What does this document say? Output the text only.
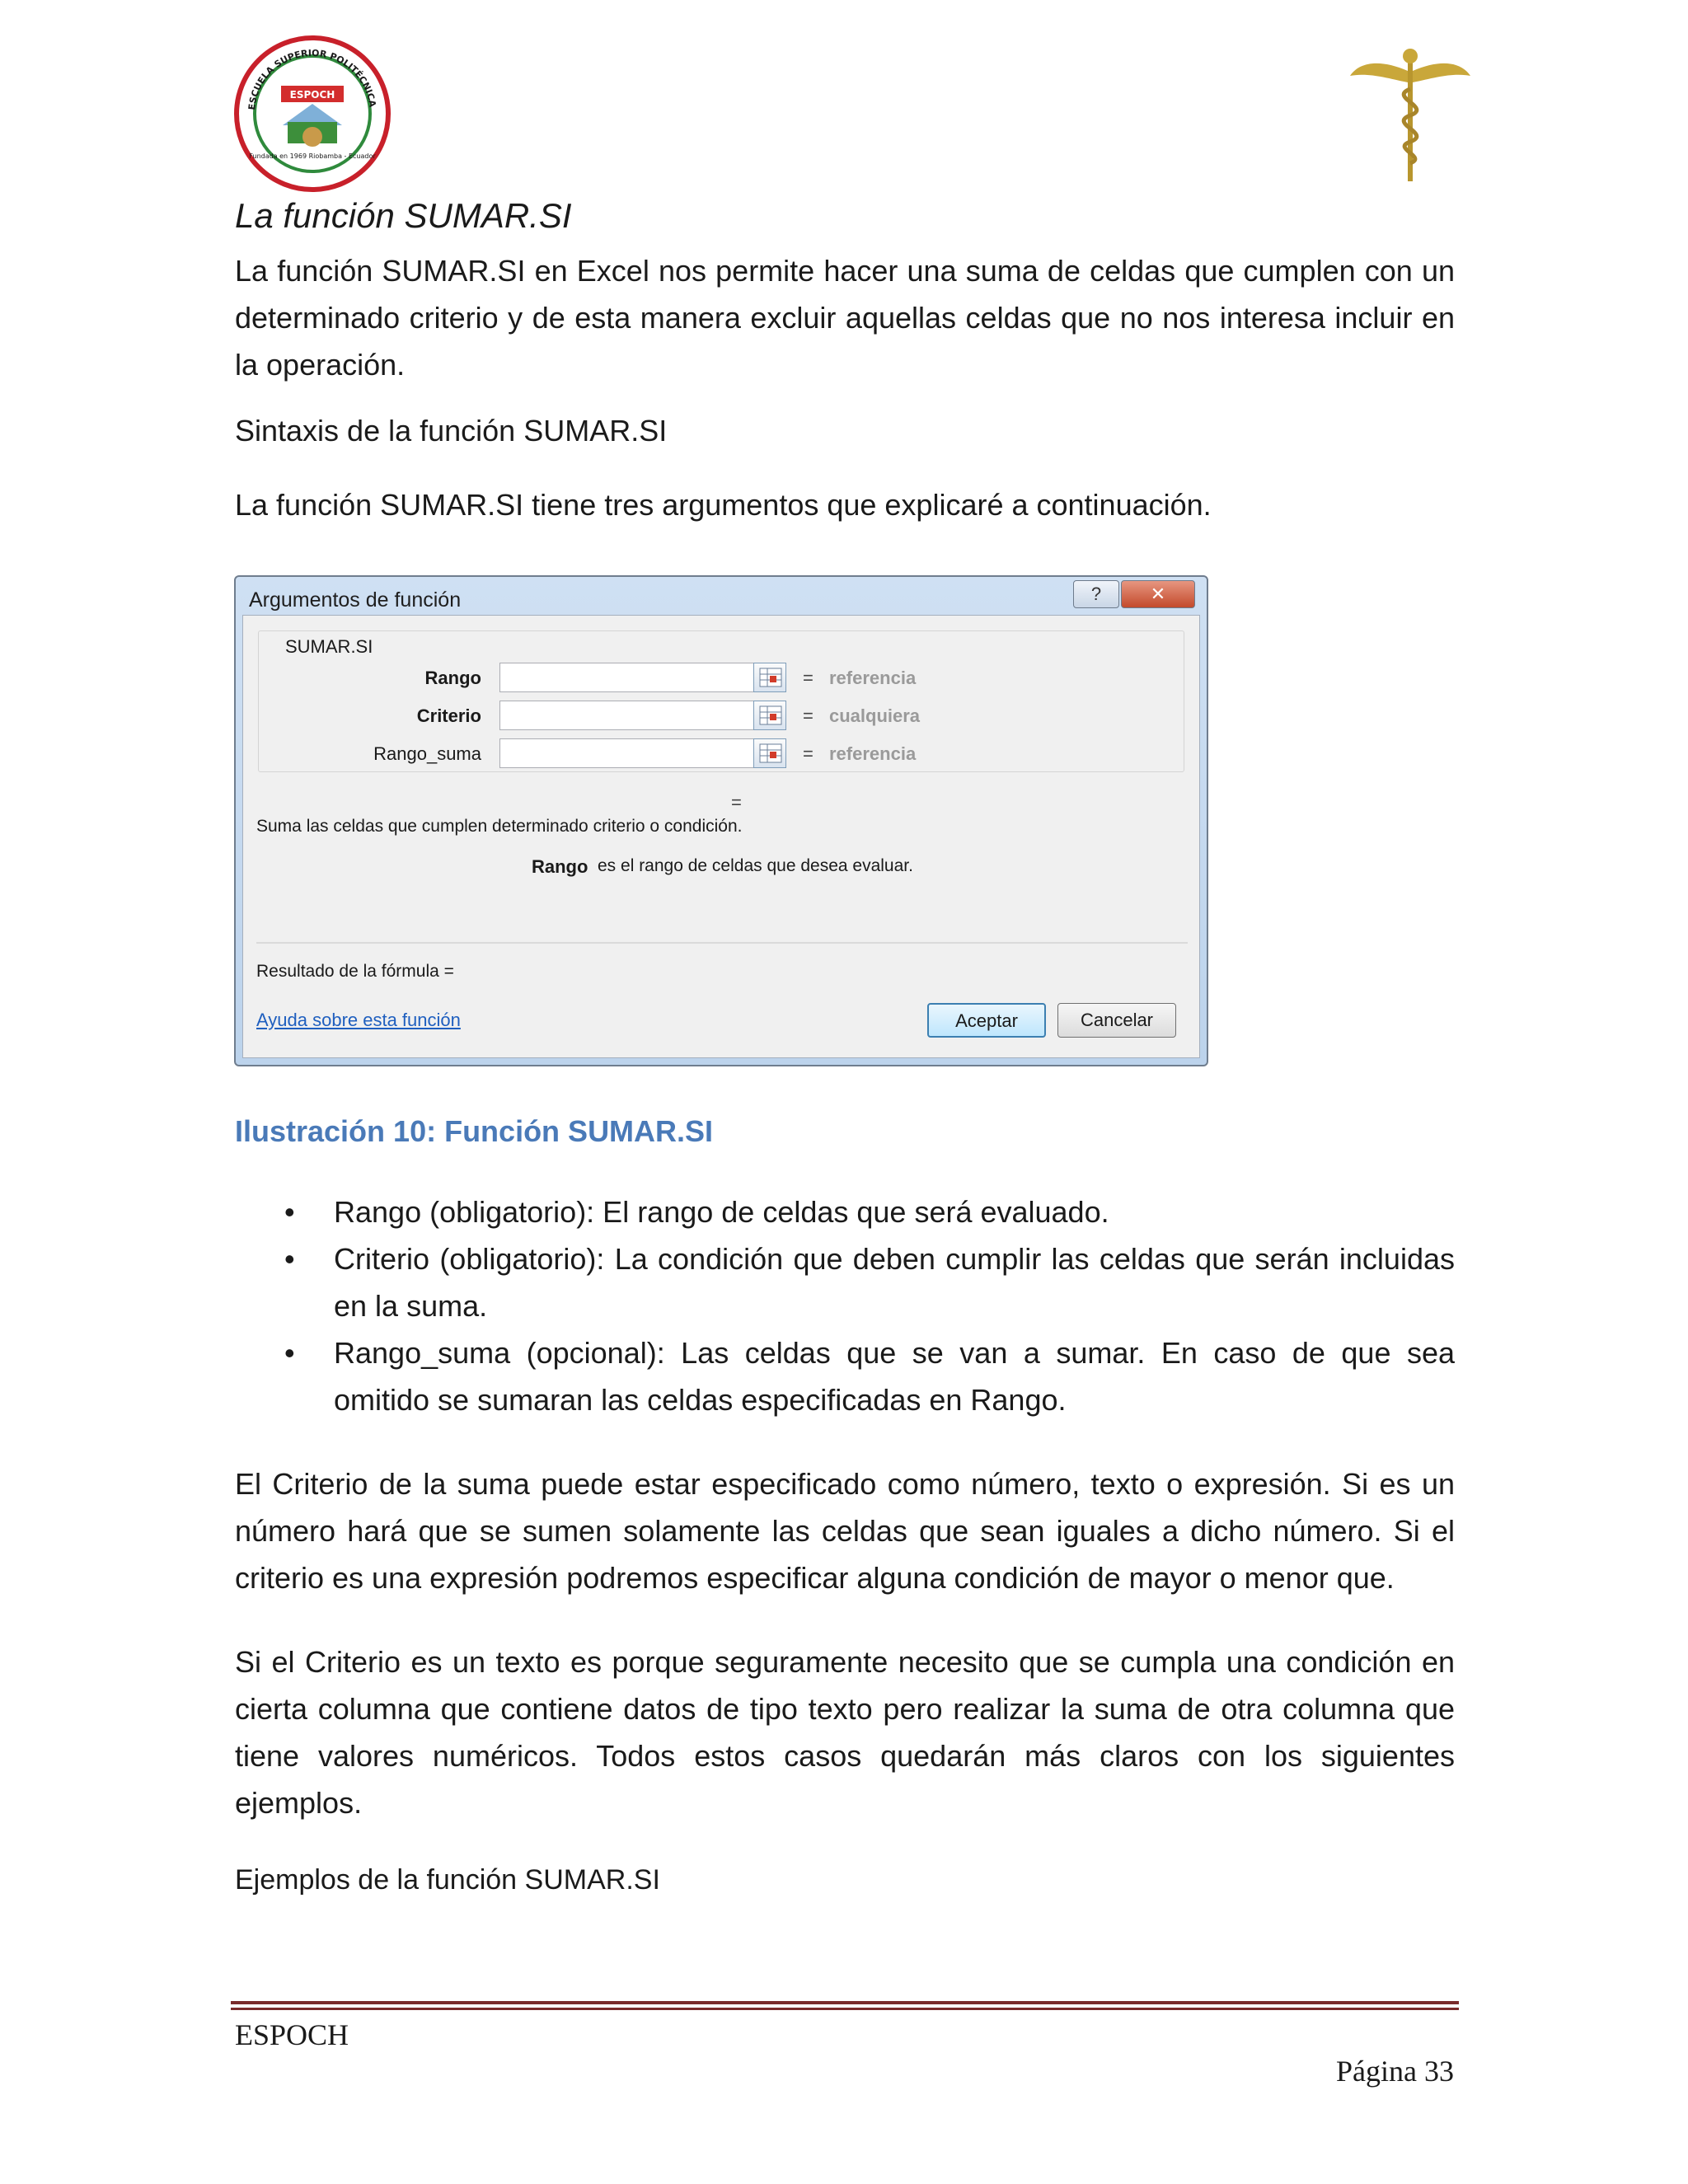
ESCUELA SUPERIOR POLITÉCNICA
ESPOCH
Fundada en 1969 Riobamba - Ecuador
La función SUMAR.SI
La función SUMAR.SI en Excel nos permite hacer una suma de celdas que cumplen con un determinado criterio y de esta manera excluir aquellas celdas que no nos interesa incluir en la operación.
Sintaxis de la función SUMAR.SI
La función SUMAR.SI tiene tres argumentos que explicaré a continuación.
Argumentos de función	?	✕
SUMAR.SI
Rango	= referencia
Criterio	= cualquiera
Rango_suma	= referencia
=
Suma las celdas que cumplen determinado criterio o condición.
Rango es el rango de celdas que desea evaluar.
Resultado de la fórmula =
Ayuda sobre esta función	Aceptar	Cancelar
Ilustración 10: Función SUMAR.SI
• Rango (obligatorio): El rango de celdas que será evaluado.
• Criterio (obligatorio): La condición que deben cumplir las celdas que serán incluidas en la suma.
• Rango_suma (opcional): Las celdas que se van a sumar. En caso de que sea omitido se sumaran las celdas especificadas en Rango.
El Criterio de la suma puede estar especificado como número, texto o expresión. Si es un número hará que se sumen solamente las celdas que sean iguales a dicho número. Si el criterio es una expresión podremos especificar alguna condición de mayor o menor que.
Si el Criterio es un texto es porque seguramente necesito que se cumpla una condición en cierta columna que contiene datos de tipo texto pero realizar la suma de otra columna que tiene valores numéricos. Todos estos casos quedarán más claros con los siguientes ejemplos.
Ejemplos de la función SUMAR.SI
ESPOCH
Página 33
